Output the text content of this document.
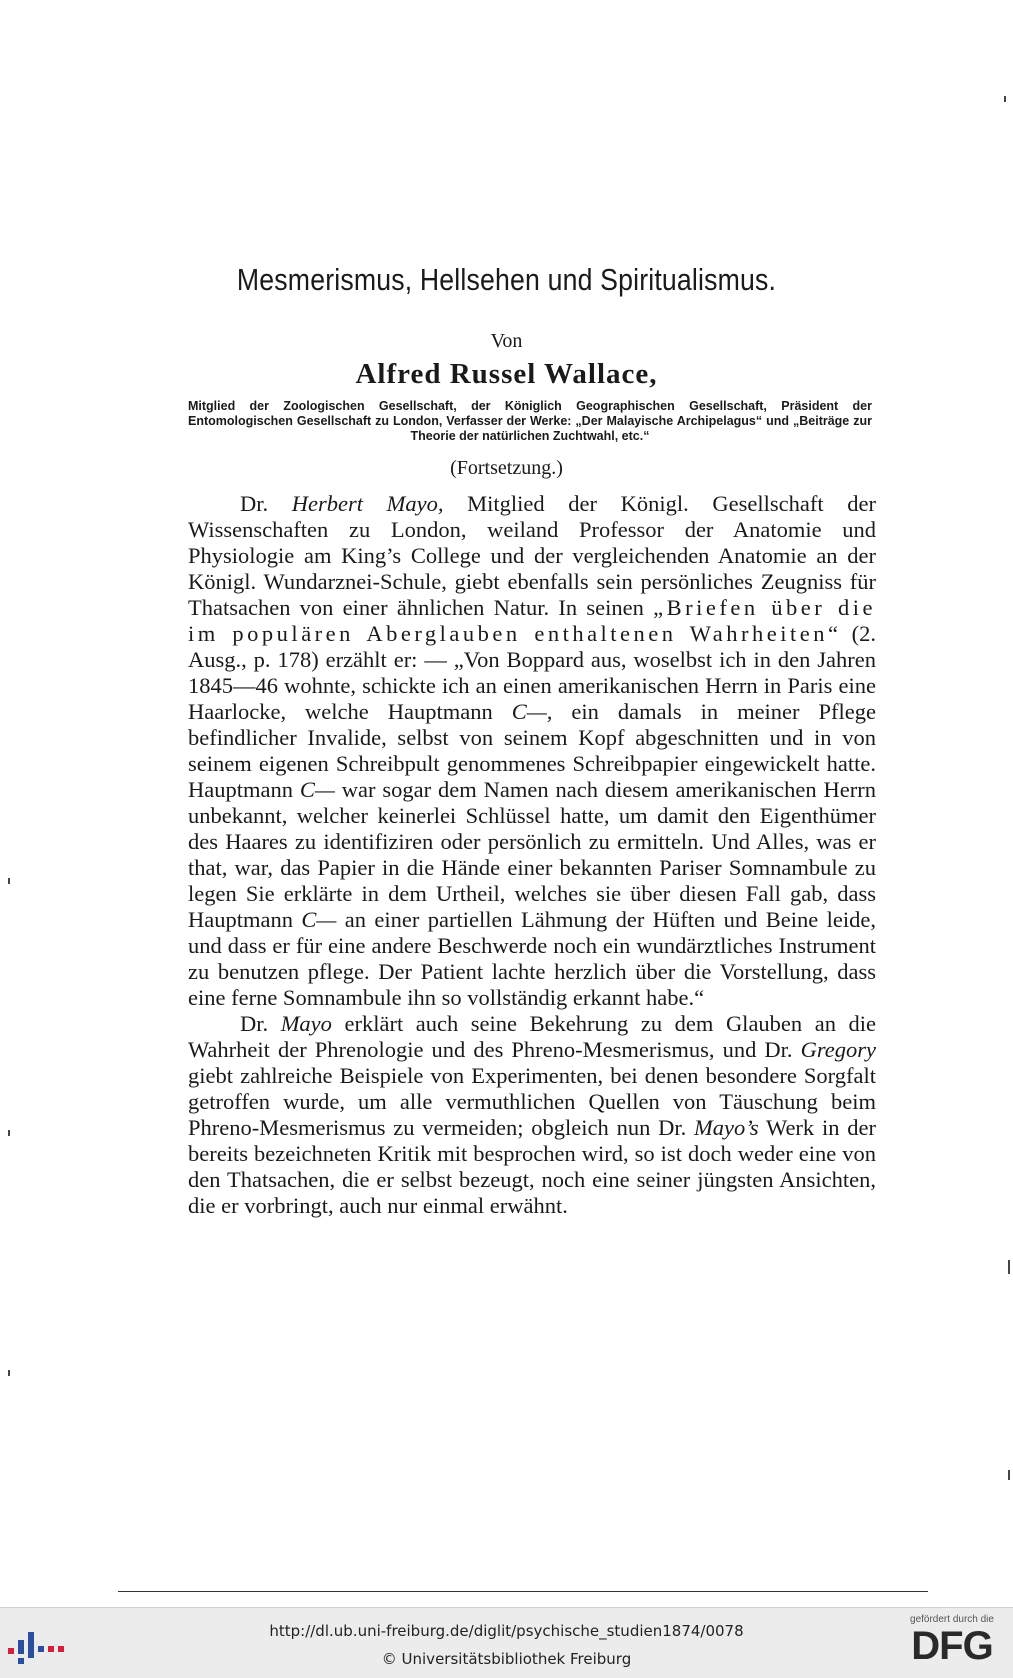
Mesmerismus, Hellsehen und Spiritualismus.
Von
Alfred Russel Wallace,
Mitglied der Zoologischen Gesellschaft, der Königlich Geographischen Gesellschaft, Präsident der Entomologischen Gesellschaft zu London, Verfasser der Werke: „Der Malayische Archipelagus“ und „Beiträge zur Theorie der natürlichen Zuchtwahl, etc.“
(Fortsetzung.)

Dr. Herbert Mayo, Mitglied der Königl. Gesellschaft der Wissenschaften zu London, weiland Professor der Anatomie und Physiologie am King’s College und der vergleichenden Anatomie an der Königl. Wundarznei-Schule, giebt ebenfalls sein persönliches Zeugniss für Thatsachen von einer ähnlichen Natur. In seinen „Briefen über die im populären Aberglauben enthaltenen Wahrheiten“ (2. Ausg., p. 178) erzählt er: — „Von Boppard aus, woselbst ich in den Jahren 1845—46 wohnte, schickte ich an einen amerikanischen Herrn in Paris eine Haarlocke, welche Hauptmann C—, ein damals in meiner Pflege befindlicher Invalide, selbst von seinem Kopf abgeschnitten und in von seinem eigenen Schreibpult genommenes Schreibpapier eingewickelt hatte. Hauptmann C— war sogar dem Namen nach diesem amerikanischen Herrn unbekannt, welcher keinerlei Schlüssel hatte, um damit den Eigenthümer des Haares zu identifiziren oder persönlich zu ermitteln. Und Alles, was er that, war, das Papier in die Hände einer bekannten Pariser Somnambule zu legen Sie erklärte in dem Urtheil, welches sie über diesen Fall gab, dass Hauptmann C— an einer partiellen Lähmung der Hüften und Beine leide, und dass er für eine andere Beschwerde noch ein wundärztliches Instrument zu benutzen pflege. Der Patient lachte herzlich über die Vorstellung, dass eine ferne Somnambule ihn so vollständig erkannt habe.“

Dr. Mayo erklärt auch seine Bekehrung zu dem Glauben an die Wahrheit der Phrenologie und des Phreno-Mesmerismus, und Dr. Gregory giebt zahlreiche Beispiele von Experimenten, bei denen besondere Sorgfalt getroffen wurde, um alle vermuthlichen Quellen von Täuschung beim Phreno-Mesmerismus zu vermeiden; obgleich nun Dr. Mayo’s Werk in der bereits bezeichneten Kritik mit besprochen wird, so ist doch weder eine von den Thatsachen, die er selbst bezeugt, noch eine seiner jüngsten Ansichten, die er vorbringt, auch nur einmal erwähnt.

http://dl.ub.uni-freiburg.de/diglit/psychische_studien1874/0078
© Universitätsbibliothek Freiburg
gefördert durch die
DFG
